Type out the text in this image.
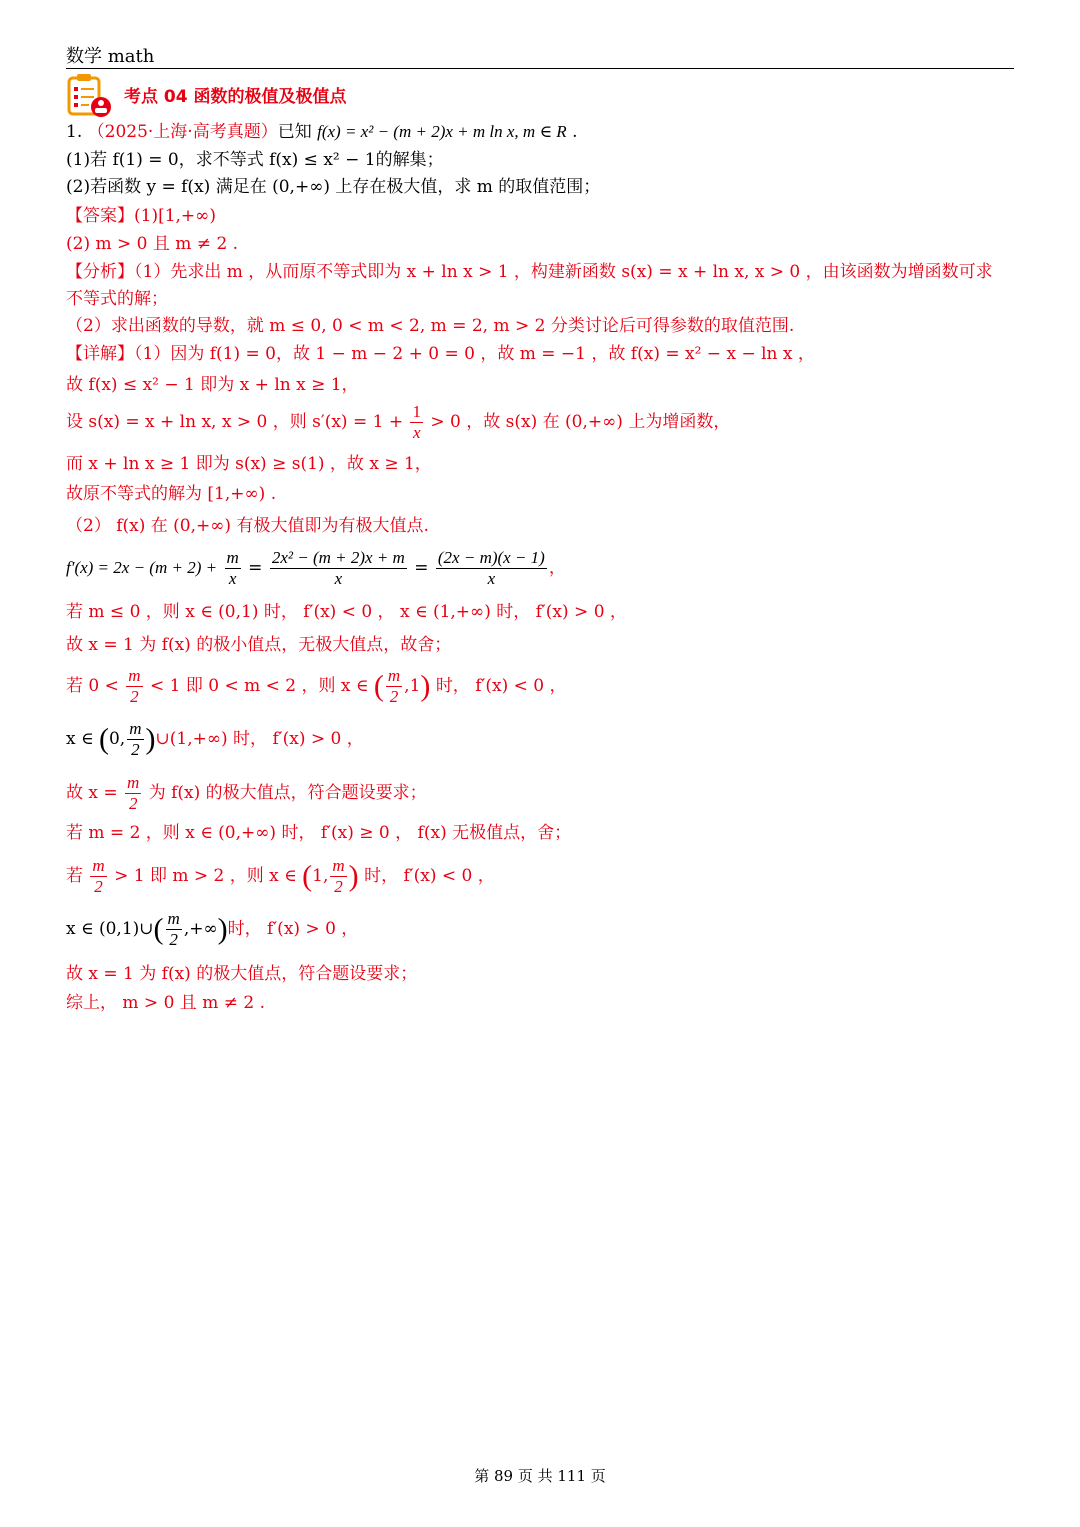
数学 math
考点 04 函数的极值及极值点
1. （2025·上海·高考真题）已知 f(x) = x² − (m + 2)x + m ln x, m ∈ R .
(1)若 f(1) = 0，求不等式 f(x) ≤ x² − 1的解集；
(2)若函数 y = f(x) 满足在 (0,+∞) 上存在极大值，求 m 的取值范围；
【答案】(1)[1,+∞)
(2) m > 0 且 m ≠ 2 .
【分析】（1）先求出 m ，从而原不等式即为 x + ln x > 1 ，构建新函数 s(x) = x + ln x, x > 0 ，由该函数为增函数可求
不等式的解；
（2）求出函数的导数，就 m ≤ 0, 0 < m < 2, m = 2, m > 2 分类讨论后可得参数的取值范围.
【详解】（1）因为 f(1) = 0，故 1 − m − 2 + 0 = 0 ，故 m = −1 ，故 f(x) = x² − x − ln x ，
故 f(x) ≤ x² − 1 即为 x + ln x ≥ 1，
设 s(x) = x + ln x, x > 0 ，则 $s'(x) = 1 + \frac{1}{x} > 0$ ，故 s(x) 在 (0,+∞) 上为增函数，
而 x + ln x ≥ 1 即为 s(x) ≥ s(1) ，故 x ≥ 1，
故原不等式的解为 [1,+∞) .
（2） f(x) 在 (0,+∞) 有极大值即为有极大值点.
$f'(x) = 2x - (m + 2) + \frac{m}{x} = \frac{\text{2x² − (m + 2)x + m}}{x} = \frac{(2x - m)(x - 1)}{x}$ ，
若 m ≤ 0 ，则 x ∈ (0,1) 时， f′(x) < 0 ， x ∈ (1,+∞) 时， f′(x) > 0 ，
故 x = 1 为 f(x) 的极小值点，无极大值点，故舍；
若 $0 < \frac{m}{2} < 1$ 即 0 < m < 2 ，则 x ∈ ( $\frac{m}{2} ,1$) 时， f′(x) < 0 ，
x ∈ (0, $\frac{m}{2}$ )∪(1,+∞) 时， f′(x) > 0 ，
故 $x = \frac{m}{2}$ 为 f(x) 的极大值点，符合题设要求；
若 m = 2 ，则 x ∈ (0,+∞) 时， f′(x) ≥ 0 ， f(x) 无极值点，舍；
若 $\frac{m}{2} > 1$ 即 m > 2 ，则 x ∈ (1, $\frac{m}{2}$ ) 时， f′(x) < 0 ，
x ∈ (0,1)∪( $\frac{m}{2}$ ,+∞)时， f′(x) > 0 ，
故 x = 1 为 f(x) 的极大值点，符合题设要求；
综上， m > 0 且 m ≠ 2 .
第 89 页 共 111 页
